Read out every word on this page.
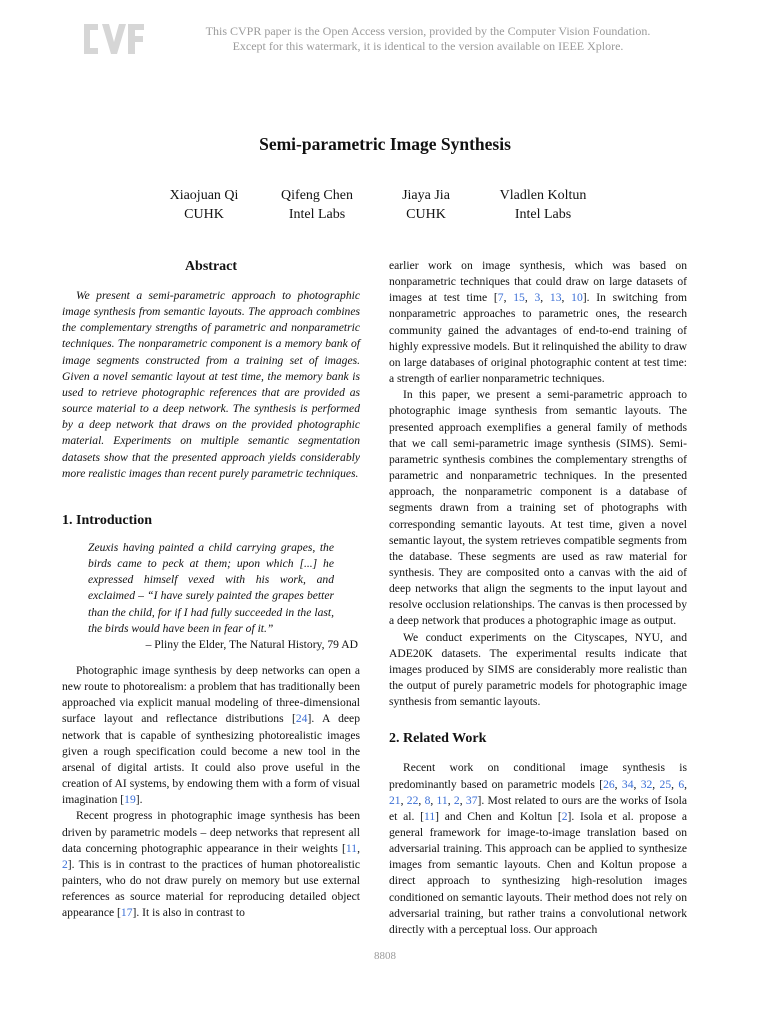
This CVPR paper is the Open Access version, provided by the Computer Vision Foundation.
Except for this watermark, it is identical to the version available on IEEE Xplore.
Semi-parametric Image Synthesis
Xiaojuan Qi
CUHK
Qifeng Chen
Intel Labs
Jiaya Jia
CUHK
Vladlen Koltun
Intel Labs
Abstract

We present a semi-parametric approach to photographic image synthesis from semantic layouts. The approach combines the complementary strengths of parametric and nonparametric techniques. The nonparametric component is a memory bank of image segments constructed from a training set of images. Given a novel semantic layout at test time, the memory bank is used to retrieve photographic references that are provided as source material to a deep network. The synthesis is performed by a deep network that draws on the provided photographic material. Experiments on multiple semantic segmentation datasets show that the presented approach yields considerably more realistic images than recent purely parametric techniques.

1. Introduction

Zeuxis having painted a child carrying grapes, the birds came to peck at them; upon which [...] he expressed himself vexed with his work, and exclaimed – “I have surely painted the grapes better than the child, for if I had fully succeeded in the last, the birds would have been in fear of it.”

– Pliny the Elder, The Natural History, 79 AD

Photographic image synthesis by deep networks can open a new route to photorealism: a problem that has traditionally been approached via explicit manual modeling of three-dimensional surface layout and reflectance distributions [24]. A deep network that is capable of synthesizing photorealistic images given a rough specification could become a new tool in the arsenal of digital artists. It could also prove useful in the creation of AI systems, by endowing them with a form of visual imagination [19].

Recent progress in photographic image synthesis has been driven by parametric models – deep networks that represent all data concerning photographic appearance in their weights [11, 2]. This is in contrast to the practices of human photorealistic painters, who do not draw purely on memory but use external references as source material for reproducing detailed object appearance [17]. It is also in contrast to

earlier work on image synthesis, which was based on nonparametric techniques that could draw on large datasets of images at test time [7, 15, 3, 13, 10]. In switching from nonparametric approaches to parametric ones, the research community gained the advantages of end-to-end training of highly expressive models. But it relinquished the ability to draw on large databases of original photographic content at test time: a strength of earlier nonparametric techniques.

In this paper, we present a semi-parametric approach to photographic image synthesis from semantic layouts. The presented approach exemplifies a general family of methods that we call semi-parametric image synthesis (SIMS). Semi-parametric synthesis combines the complementary strengths of parametric and nonparametric techniques. In the presented approach, the nonparametric component is a database of segments drawn from a training set of photographs with corresponding semantic layouts. At test time, given a novel semantic layout, the system retrieves compatible segments from the database. These segments are used as raw material for synthesis. They are composited onto a canvas with the aid of deep networks that align the segments to the input layout and resolve occlusion relationships. The canvas is then processed by a deep network that produces a photographic image as output.

We conduct experiments on the Cityscapes, NYU, and ADE20K datasets. The experimental results indicate that images produced by SIMS are considerably more realistic than the output of purely parametric models for photographic image synthesis from semantic layouts.

2. Related Work

Recent work on conditional image synthesis is predominantly based on parametric models [26, 34, 32, 25, 6, 21, 22, 8, 11, 2, 37]. Most related to ours are the works of Isola et al. [11] and Chen and Koltun [2]. Isola et al. propose a general framework for image-to-image translation based on adversarial training. This approach can be applied to synthesize images from semantic layouts. Chen and Koltun propose a direct approach to synthesizing high-resolution images conditioned on semantic layouts. Their method does not rely on adversarial training, but rather trains a convolutional network directly with a perceptual loss. Our approach

8808
